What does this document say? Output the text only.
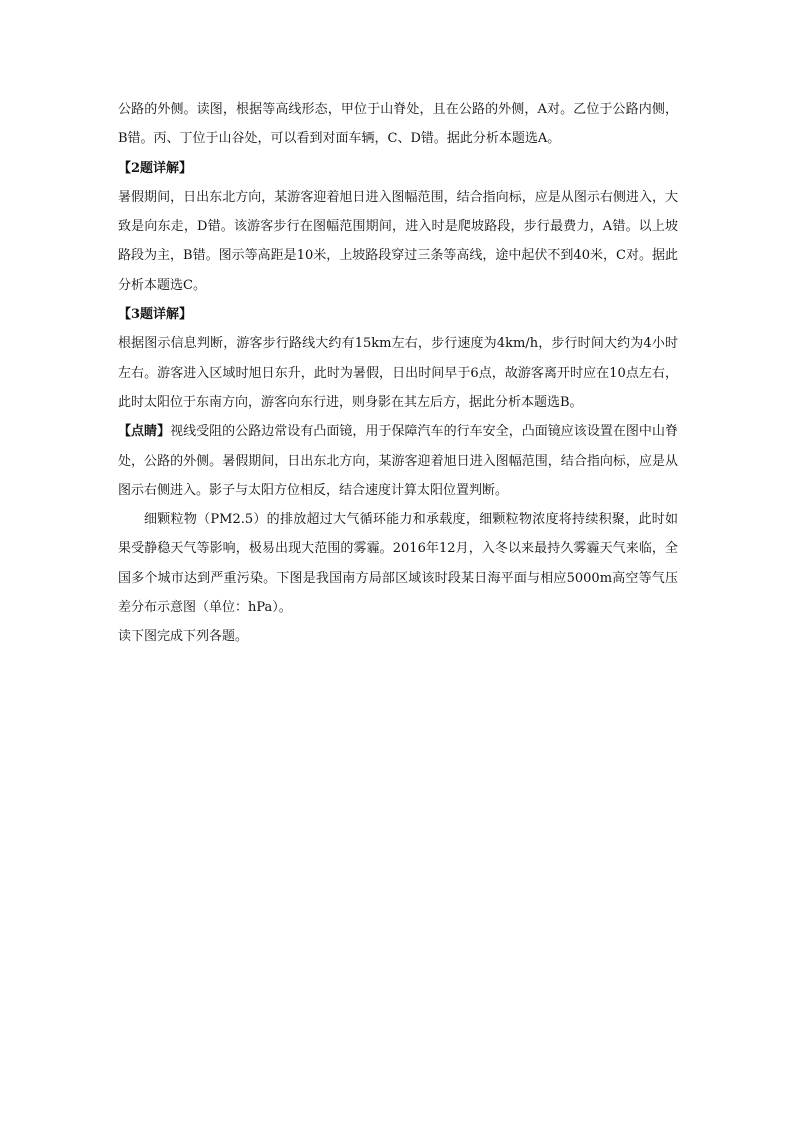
公路的外侧。读图，根据等高线形态，甲位于山脊处，且在公路的外侧，A对。乙位于公路内侧，B错。丙、丁位于山谷处，可以看到对面车辆，C、D错。据此分析本题选A。

【2题详解】

暑假期间，日出东北方向，某游客迎着旭日进入图幅范围，结合指向标，应是从图示右侧进入，大致是向东走，D错。该游客步行在图幅范围期间，进入时是爬坡路段，步行最费力，A错。以上坡路段为主，B错。图示等高距是10米，上坡路段穿过三条等高线，途中起伏不到40米，C对。据此分析本题选C。

【3题详解】

根据图示信息判断，游客步行路线大约有15km左右，步行速度为4km/h，步行时间大约为4小时左右。游客进入区域时旭日东升，此时为暑假，日出时间早于6点，故游客离开时应在10点左右，此时太阳位于东南方向，游客向东行进，则身影在其左后方，据此分析本题选B。

【点睛】视线受阻的公路边常设有凸面镜，用于保障汽车的行车安全，凸面镜应该设置在图中山脊处，公路的外侧。暑假期间，日出东北方向，某游客迎着旭日进入图幅范围，结合指向标，应是从图示右侧进入。影子与太阳方位相反，结合速度计算太阳位置判断。

细颗粒物（PM2.5）的排放超过大气循环能力和承载度，细颗粒物浓度将持续积聚，此时如果受静稳天气等影响，极易出现大范围的雾霾。2016年12月，入冬以来最持久雾霾天气来临，全国多个城市达到严重污染。下图是我国南方局部区域该时段某日海平面与相应5000m高空等气压差分布示意图（单位：hPa）。

读下图完成下列各题。
